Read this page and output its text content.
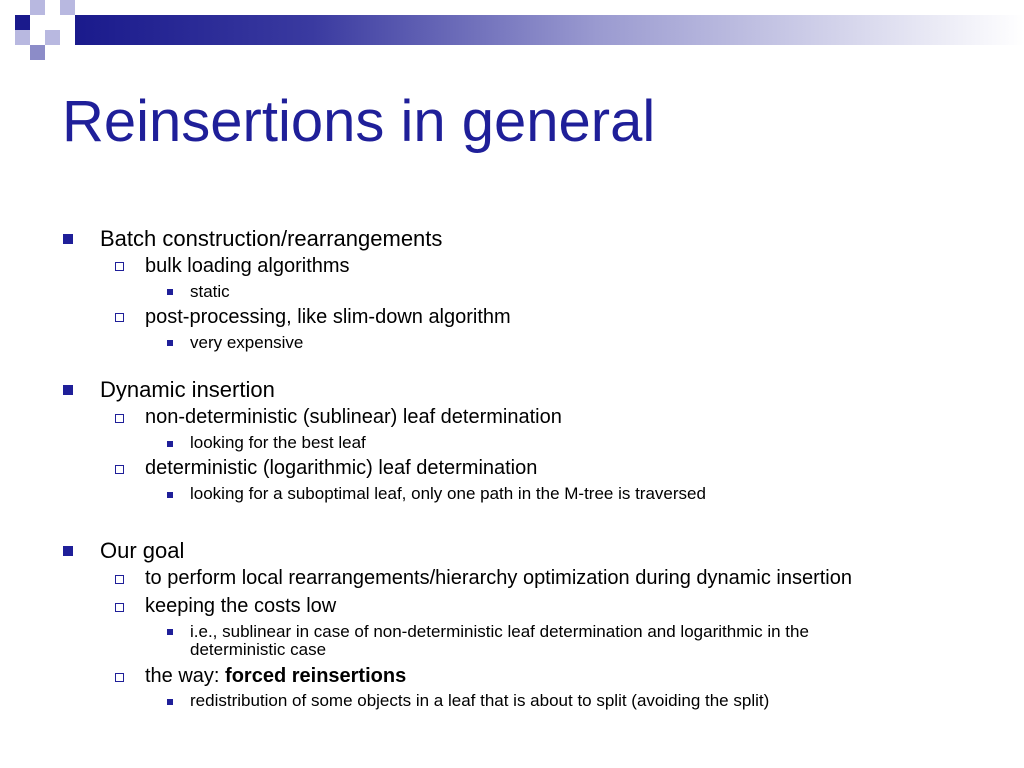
Reinsertions in general
Batch construction/rearrangements
bulk loading algorithms
static
post-processing, like slim-down algorithm
very expensive
Dynamic insertion
non-deterministic (sublinear) leaf determination
looking for the best leaf
deterministic (logarithmic) leaf determination
looking for a suboptimal leaf, only one path in the M-tree is traversed
Our goal
to perform local rearrangements/hierarchy optimization during dynamic insertion
keeping the costs low
i.e., sublinear in case of non-deterministic leaf determination and logarithmic in the
deterministic case
the way: forced reinsertions
redistribution of some objects in a leaf that is about to split (avoiding the split)
